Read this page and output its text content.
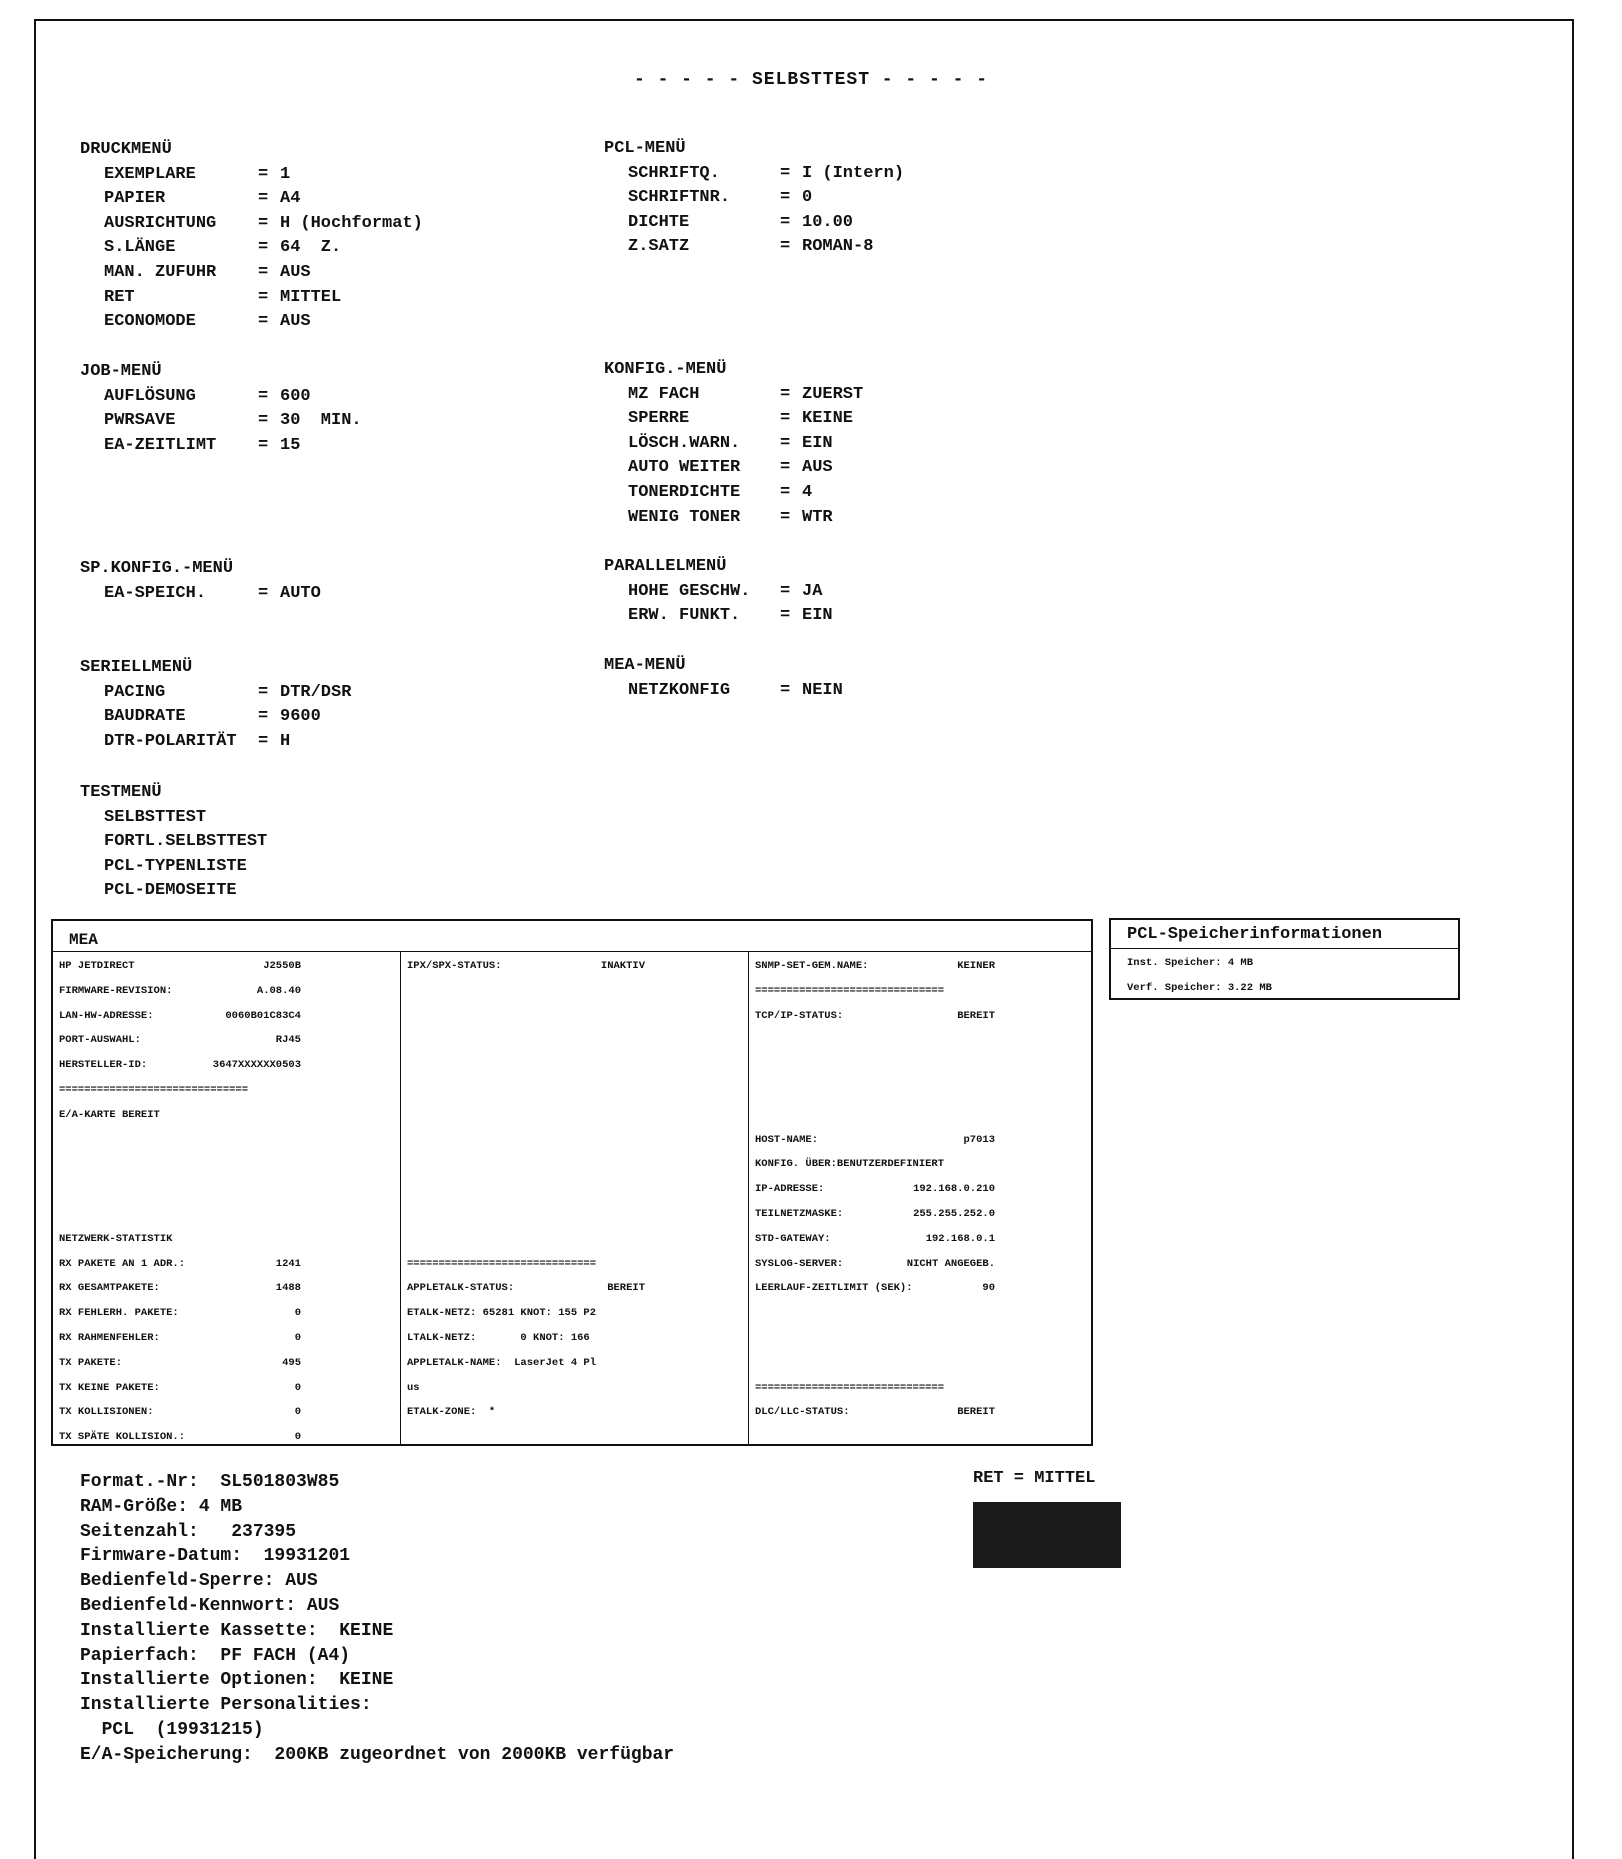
- - - - - SELBSTTEST - - - - -
DRUCKMENÜ
EXEMPLARE	= 1
PAPIER	= A4
AUSRICHTUNG = H (Hochformat)
S.LÄNGE	= 64  Z.
MAN. ZUFUHR = AUS
RET	= MITTEL
ECONOMODE	= AUS
JOB-MENÜ
AUFLÖSUNG	= 600
PWRSAVE	= 30  MIN.
EA-ZEITLIMT = 15
SP.KONFIG.-MENÜ
EA-SPEICH.	= AUTO
SERIELLMENÜ
PACING	= DTR/DSR
BAUDRATE	= 9600
DTR-POLARITÄT = H
TESTMENÜ
SELBSTTEST
FORTL.SELBSTTEST
PCL-TYPENLISTE
PCL-DEMOSEITE
PCL-MENÜ
SCHRIFTQ.	= I (Intern)
SCHRIFTNR.	= 0
DICHTE	= 10.00
Z.SATZ	= ROMAN-8
KONFIG.-MENÜ
MZ FACH	= ZUERST
SPERRE	= KEINE
LÖSCH.WARN. = EIN
AUTO WEITER = AUS
TONERDICHTE = 4
WENIG TONER = WTR
PARALLELMENÜ
HOHE GESCHW. = JA
ERW. FUNKT. = EIN
MEA-MENÜ
NETZKONFIG	= NEIN
MEA
HP JETDIRECT	J2550B
FIRMWARE-REVISION:	A.08.40
LAN-HW-ADRESSE:	0060B01C83C4
PORT-AUSWAHL:	RJ45
HERSTELLER-ID:	3647XXXXXX0503
==============================
E/A-KARTE BEREIT
NETZWERK-STATISTIK
RX PAKETE AN 1 ADR.:	1241
RX GESAMTPAKETE:	1488
RX FEHLERH. PAKETE:	0
RX RAHMENFEHLER:	0
TX PAKETE:	495
TX KEINE PAKETE:	0
TX KOLLISIONEN:	0
TX SPÄTE KOLLISION.:	0
IPX/SPX-STATUS:	INAKTIV
==============================
APPLETALK-STATUS:	BEREIT
ETALK-NETZ: 65281 KNOT: 155 P2
LTALK-NETZ:       0 KNOT: 166
APPLETALK-NAME:  LaserJet 4 Pl
us
ETALK-ZONE:  *
SNMP-SET-GEM.NAME:	KEINER
==============================
TCP/IP-STATUS:	BEREIT
HOST-NAME:	p7013
KONFIG. ÜBER:BENUTZERDEFINIERT
IP-ADRESSE:	192.168.0.210
TEILNETZMASKE:	255.255.252.0
STD-GATEWAY:	192.168.0.1
SYSLOG-SERVER:	NICHT ANGEGEB.
LEERLAUF-ZEITLIMIT (SEK):	90
==============================
DLC/LLC-STATUS:	BEREIT
PCL-Speicherinformationen
Inst. Speicher: 4 MB
Verf. Speicher: 3.22 MB
Format.-Nr:  SL501803W85
RAM-Größe: 4 MB
Seitenzahl:   237395
Firmware-Datum:  19931201
Bedienfeld-Sperre: AUS
Bedienfeld-Kennwort: AUS
Installierte Kassette:  KEINE
Papierfach:  PF FACH (A4)
Installierte Optionen:  KEINE
Installierte Personalities:
PCL  (19931215)
E/A-Speicherung:  200KB zugeordnet von 2000KB verfügbar
RET = MITTEL
